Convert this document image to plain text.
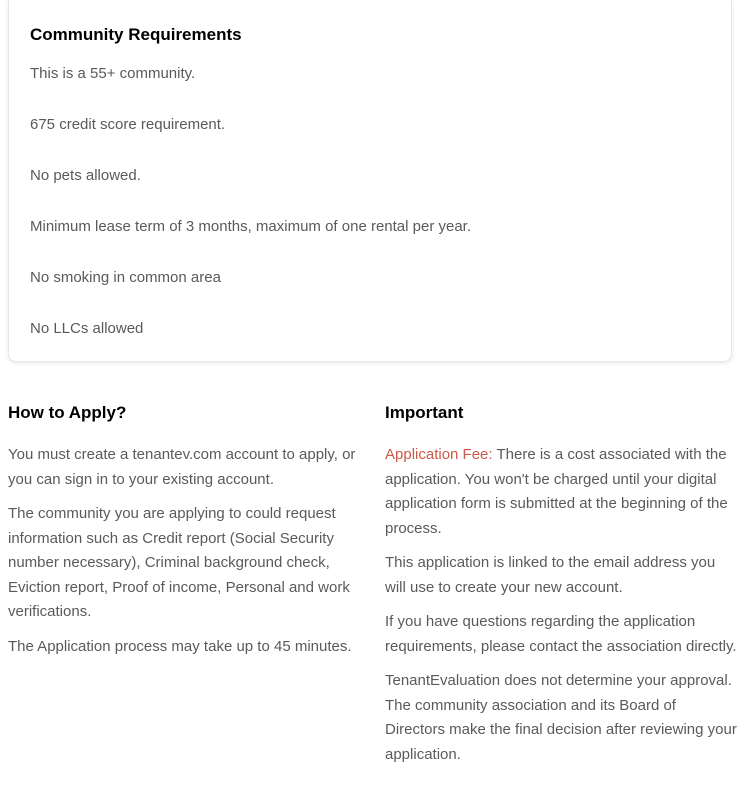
Community Requirements
This is a 55+ community.
675 credit score requirement.
No pets allowed.
Minimum lease term of 3 months, maximum of one rental per year.
No smoking in common area
No LLCs allowed
How to Apply?

You must create a tenantev.com account to apply, or you can sign in to your existing account.

The community you are applying to could request information such as Credit report (Social Security number necessary), Criminal background check, Eviction report, Proof of income, Personal and work verifications.

The Application process may take up to 45 minutes.

Important

Application Fee: There is a cost associated with the application. You won't be charged until your digital application form is submitted at the beginning of the process.

This application is linked to the email address you will use to create your new account.

If you have questions regarding the application requirements, please contact the association directly.

TenantEvaluation does not determine your approval. The community association and its Board of Directors make the final decision after reviewing your application.
